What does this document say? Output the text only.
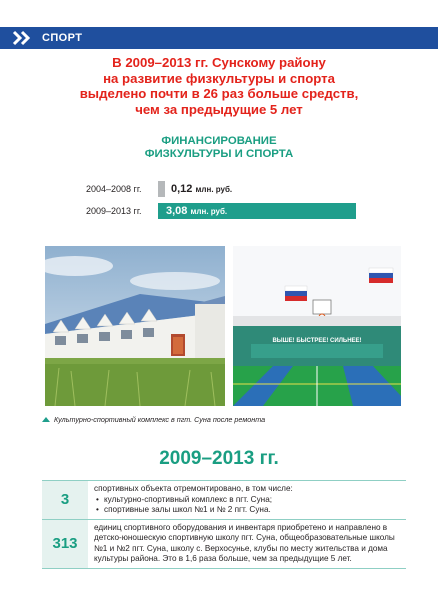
СПОРТ
В 2009–2013 гг. Сунскому району
на развитие физкультуры и спорта
выделено почти в 26 раз больше средств,
чем за предыдущие 5 лет
ФИНАНСИРОВАНИЕ
ФИЗКУЛЬТУРЫ И СПОРТА
2004–2008 гг.	0,12 млн. руб.
2009–2013 гг.	3,08 млн. руб.
ВЫШЕ! БЫСТРЕЕ! СИЛЬНЕЕ!
Культурно-спортивный комплекс в пгт. Суна после ремонта
2009–2013 гг.
3
спортивных объекта отремонтировано, в том числе:
• культурно-спортивный комплекс в пгт. Суна;
• спортивные залы школ №1 и № 2 пгт. Суна.
313
единиц спортивного оборудования и инвентаря приобретено и направлено в детско-юношескую спортивную школу пгт. Суна, общеобразовательные школы №1 и №2 пгт. Суна, школу с. Верхосунье, клубы по месту жительства и дома культуры района. Это в 1,6 раза больше, чем за предыдущие 5 лет.
